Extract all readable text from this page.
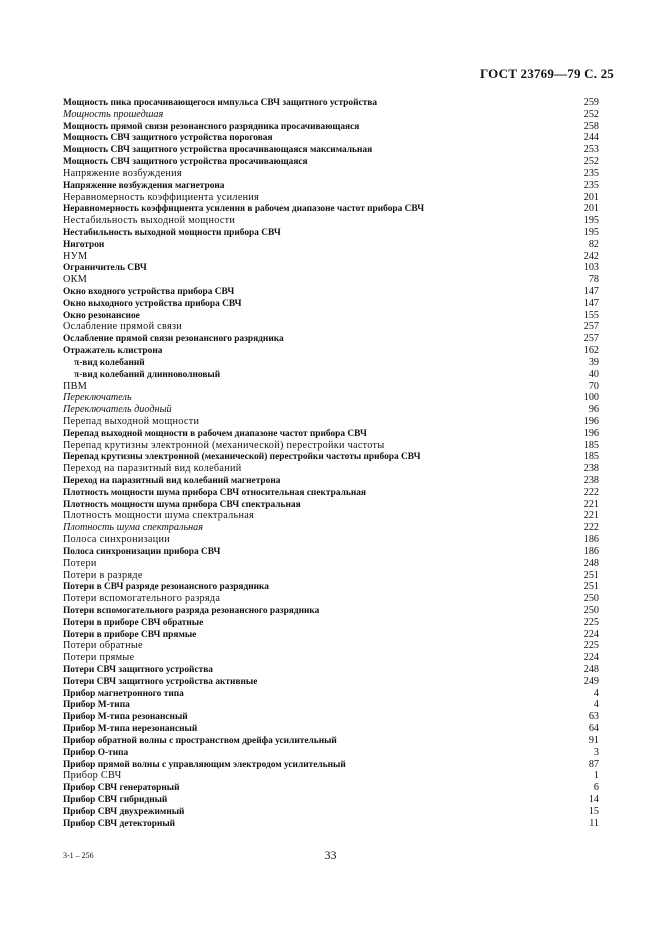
ГОСТ 23769—79 С. 25
Мощность пика просачивающегося импульса СВЧ защитного устройства	259
Мощность прошедшая	252
Мощность прямой связи резонансного разрядника просачивающаяся	258
Мощность СВЧ защитного устройства пороговая	244
Мощность СВЧ защитного устройства просачивающаяся максимальная	253
Мощность СВЧ защитного устройства просачивающаяся	252
Напряжение возбуждения	235
Напряжение возбуждения магнетрона	235
Неравномерность коэффициента усиления	201
Неравномерность коэффициента усиления в рабочем диапазоне частот прибора СВЧ	201
Нестабильность выходной мощности	195
Нестабильность выходной мощности прибора СВЧ	195
Ниготрон	82
НУМ	242
Ограничитель СВЧ	103
ОКМ	78
Окно входного устройства прибора СВЧ	147
Окно выходного устройства прибора СВЧ	147
Окно резонансное	155
Ослабление прямой связи	257
Ослабление прямой связи резонансного разрядника	257
Отражатель клистрона	162
π-вид колебаний	39
π-вид колебаний длинноволновый	40
ПВМ	70
Переключатель	100
Переключатель диодный	96
Перепад выходной мощности	196
Перепад выходной мощности в рабочем диапазоне частот прибора СВЧ	196
Перепад крутизны электронной (механической) перестройки частоты	185
Перепад крутизны электронной (механической) перестройки частоты прибора СВЧ	185
Переход на паразитный вид колебаний	238
Переход на паразитный вид колебаний магнетрона	238
Плотность мощности шума прибора СВЧ относительная спектральная	222
Плотность мощности шума прибора СВЧ спектральная	221
Плотность мощности шума спектральная	221
Плотность шума спектральная	222
Полоса синхронизации	186
Полоса синхронизации прибора СВЧ	186
Потери	248
Потери в разряде	251
Потери в СВЧ разряде резонансного разрядника	251
Потери вспомогательного разряда	250
Потери вспомогательного разряда резонансного разрядника	250
Потери в приборе СВЧ обратные	225
Потери в приборе СВЧ прямые	224
Потери обратные	225
Потери прямые	224
Потери СВЧ защитного устройства	248
Потери СВЧ защитного устройства активные	249
Прибор магнетронного типа	4
Прибор М-типа	4
Прибор М-типа резонансный	63
Прибор М-типа нерезонансный	64
Прибор обратной волны с пространством дрейфа усилительный	91
Прибор О-типа	3
Прибор прямой волны с управляющим электродом усилительный	87
Прибор СВЧ	1
Прибор СВЧ генераторный	6
Прибор СВЧ гибридный	14
Прибор СВЧ двухрежимный	15
Прибор СВЧ детекторный	11
3-1 – 256	33
